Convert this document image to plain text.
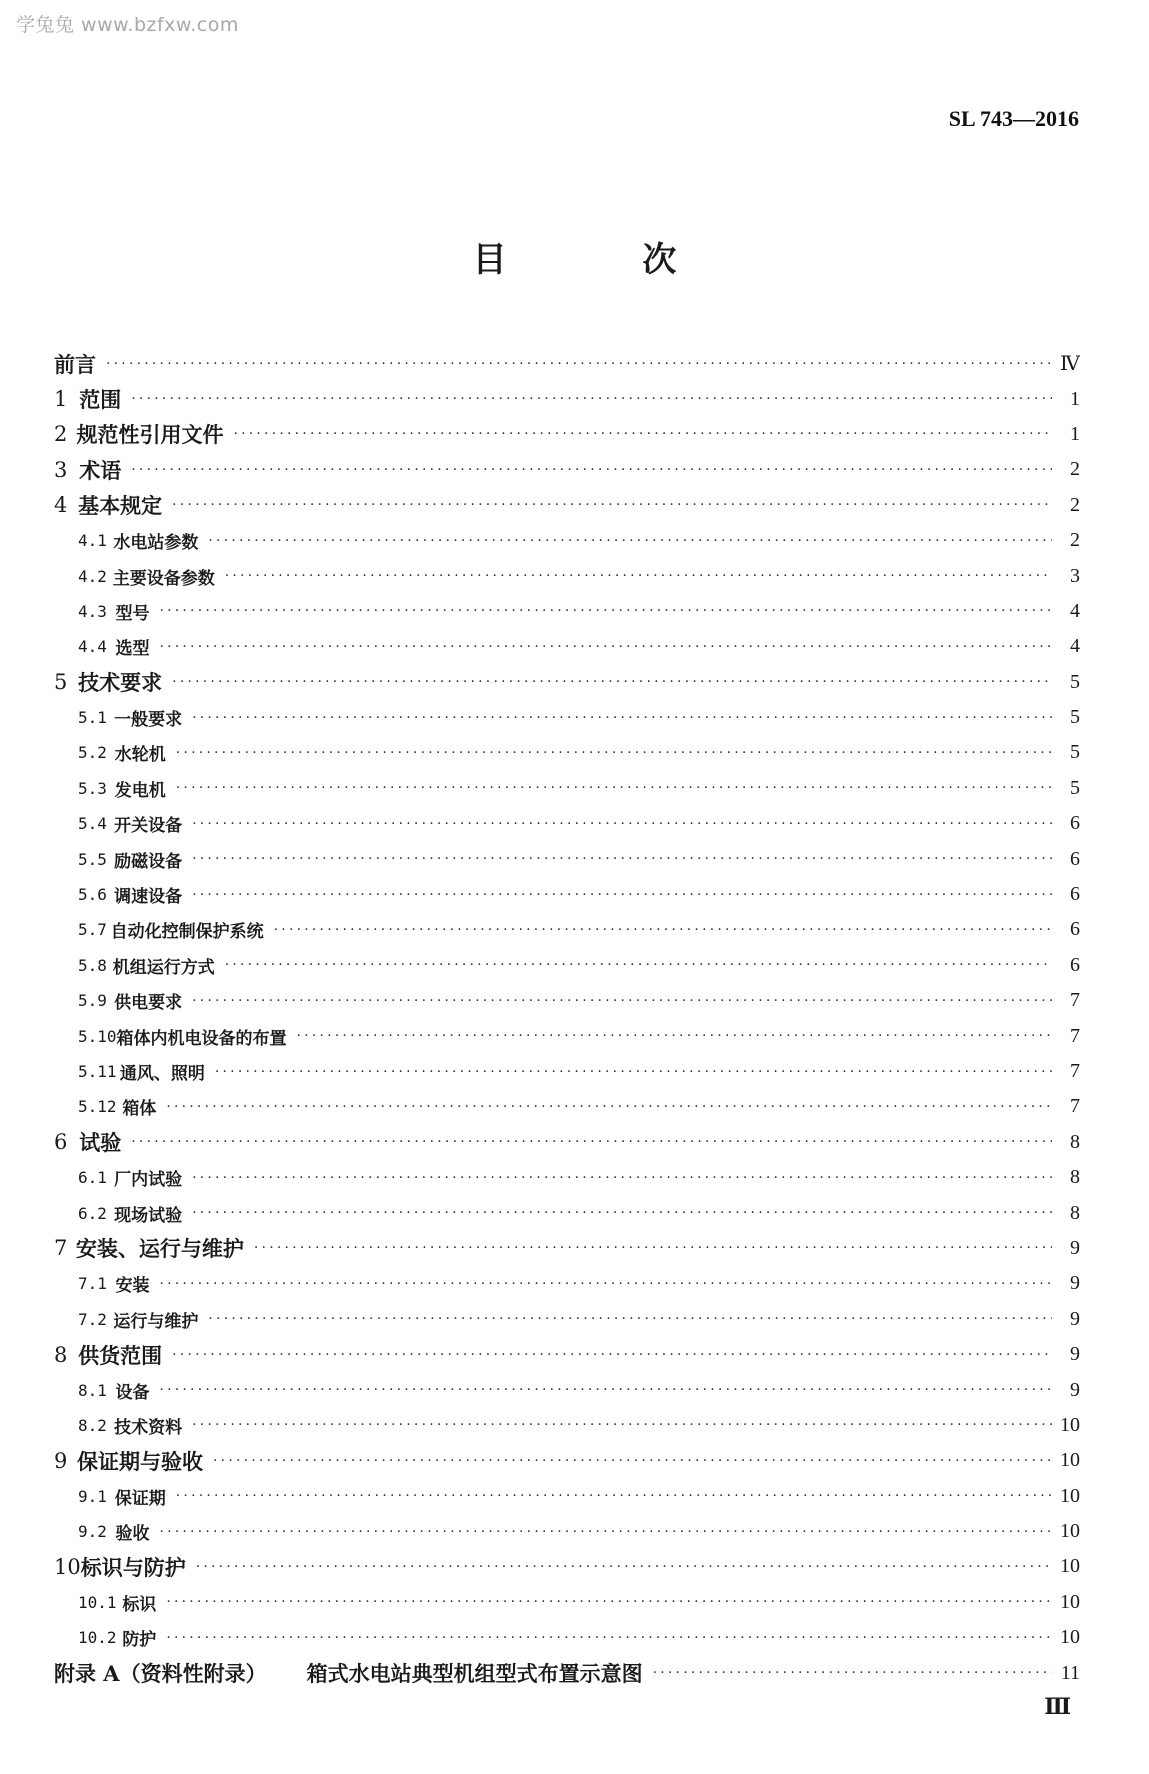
学兔兔 www.bzfxw.com
SL 743—2016
目 次
前言 ·····	Ⅳ
1 范围 ·····	1
2 规范性引用文件 ·····	1
3 术语 ·····	2
4 基本规定 ·····	2
4.1 水电站参数 ·····	2
4.2 主要设备参数 ·····	3
4.3 型号 ·····	4
4.4 选型 ·····	4
5 技术要求 ·····	5
5.1 一般要求 ·····	5
5.2 水轮机 ·····	5
5.3 发电机 ·····	5
5.4 开关设备 ·····	6
5.5 励磁设备 ·····	6
5.6 调速设备 ·····	6
5.7 自动化控制保护系统 ·····	6
5.8 机组运行方式 ·····	6
5.9 供电要求 ·····	7
5.10 箱体内机电设备的布置 ·····	7
5.11 通风、照明 ·····	7
5.12 箱体 ·····	7
6 试验 ·····	8
6.1 厂内试验 ·····	8
6.2 现场试验 ·····	8
7 安装、运行与维护 ·····	9
7.1 安装 ·····	9
7.2 运行与维护 ·····	9
8 供货范围 ·····	9
8.1 设备 ·····	9
8.2 技术资料 ·····	10
9 保证期与验收 ·····	10
9.1 保证期 ·····	10
9.2 验收 ·····	10
10 标识与防护 ·····	10
10.1 标识 ·····	10
10.2 防护 ·····	10
附录 A（资料性附录） 箱式水电站典型机组型式布置示意图 ·····	11
Ⅲ
